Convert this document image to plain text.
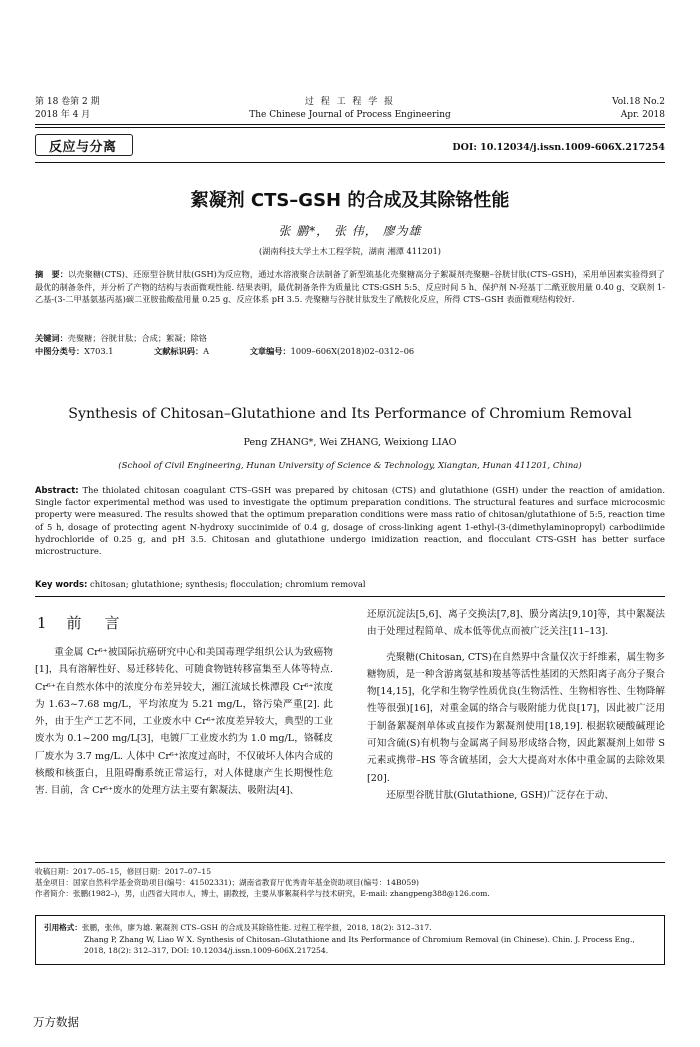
第 18 卷第 2 期	过 程 工 程 学 报	Vol.18 No.2
2018 年 4 月	The Chinese Journal of Process Engineering	Apr. 2018
反应与分离	DOI: 10.12034/j.issn.1009-606X.217254
絮凝剂 CTS–GSH 的合成及其除铬性能
张 鹏*， 张 伟， 廖为雄
(湖南科技大学土木工程学院，湖南 湘潭 411201)
摘　要：以壳聚糖(CTS)、还原型谷胱甘肽(GSH)为反应物，通过水溶液聚合法制备了新型巯基化壳聚糖高分子絮凝剂壳聚糖–谷胱甘肽(CTS–GSH)，采用单因素实验得到了最优的制备条件，并分析了产物的结构与表面微观性能. 结果表明，最优制备条件为质量比 CTS:GSH 5:5、反应时间 5 h、保护剂 N-羟基丁二酰亚胺用量 0.40 g、交联剂 1-乙基-(3-二甲基氨基丙基)碳二亚胺盐酸盐用量 0.25 g、反应体系 pH 3.5. 壳聚糖与谷胱甘肽发生了酰胺化反应，所得 CTS–GSH 表面微观结构较好.
关键词：壳聚糖；谷胱甘肽；合成；絮凝；除铬
中图分类号：X703.1	文献标识码：A	文章编号：1009–606X(2018)02–0312–06
Synthesis of Chitosan–Glutathione and Its Performance of Chromium Removal
Peng ZHANG*, Wei ZHANG, Weixiong LIAO
(School of Civil Engineering, Hunan University of Science & Technology, Xiangtan, Hunan 411201, China)
Abstract: The thiolated chitosan coagulant CTS–GSH was prepared by chitosan (CTS) and glutathione (GSH) under the reaction of amidation. Single factor experimental method was used to investigate the optimum preparation conditions. The structural features and surface microcosmic property were measured. The results showed that the optimum preparation conditions were mass ratio of chitosan/glutathione of 5:5, reaction time of 5 h, dosage of protecting agent N-hydroxy succinimide of 0.4 g, dosage of cross-linking agent 1-ethyl-(3-(dimethylaminopropyl) carbodiimide hydrochloride of 0.25 g, and pH 3.5. Chitosan and glutathione undergo imidization reaction, and flocculant CTS-GSH has better surface microstructure.
Key words: chitosan; glutathione; synthesis; flocculation; chromium removal
1 前　言
重金属 Cr⁶⁺被国际抗癌研究中心和美国毒理学组织公认为致癌物[1]，具有溶解性好、易迁移转化、可随食物链转移富集至人体等特点. Cr⁶⁺在自然水体中的浓度分布差异较大，湘江流域长株潭段 Cr⁶⁺浓度为 1.63~7.68 mg/L，平均浓度为 5.21 mg/L，铬污染严重[2]. 此外，由于生产工艺不同，工业废水中 Cr⁶⁺浓度差异较大，典型的工业废水为 0.1~200 mg/L[3]，电镀厂工业废水约为 1.0 mg/L，铬鞣皮厂废水为 3.7 mg/L. 人体中 Cr⁶⁺浓度过高时，不仅破坏人体内合成的核酸和核蛋白，且阻碍酶系统正常运行，对人体健康产生长期慢性危害. 目前，含 Cr⁶⁺废水的处理方法主要有絮凝法、吸附法[4]、
还原沉淀法[5,6]、离子交换法[7,8]、膜分离法[9,10]等，其中絮凝法由于处理过程简单、成本低等优点而被广泛关注[11–13].
壳聚糖(Chitosan, CTS)在自然界中含量仅次于纤维素，属生物多糖物质，是一种含游离氨基和羧基等活性基团的天然阳离子高分子聚合物[14,15]，化学和生物学性质优良(生物活性、生物相容性、生物降解性等很强)[16]，对重金属的络合与吸附能力优良[17]，因此被广泛用于制备絮凝剂单体或直接作为絮凝剂使用[18,19]. 根据软硬酸碱理论可知含硫(S)有机物与金属离子间易形成络合物，因此絮凝剂上如带 S 元素或携带–HS 等含硫基团，会大大提高对水体中重金属的去除效果[20].
还原型谷胱甘肽(Glutathione, GSH)广泛存在于动、
收稿日期：2017–05–15，修回日期：2017–07–15
基金项目：国家自然科学基金资助项目(编号：41502331)；湖南省教育厅优秀青年基金资助项目(编号：14B059)
作者简介：张鹏(1982–)，男，山西省大同市人，博士，副教授，主要从事絮凝科学与技术研究，E-mail: zhangpeng388@126.com.
引用格式：张鹏，张伟，廖为雄. 絮凝剂 CTS–GSH 的合成及其除铬性能. 过程工程学报，2018, 18(2): 312–317.
Zhang P, Zhang W, Liao W X. Synthesis of Chitosan–Glutathione and Its Performance of Chromium Removal (in Chinese). Chin. J. Process Eng.,
2018, 18(2): 312–317, DOI: 10.12034/j.issn.1009-606X.217254.
万方数据
